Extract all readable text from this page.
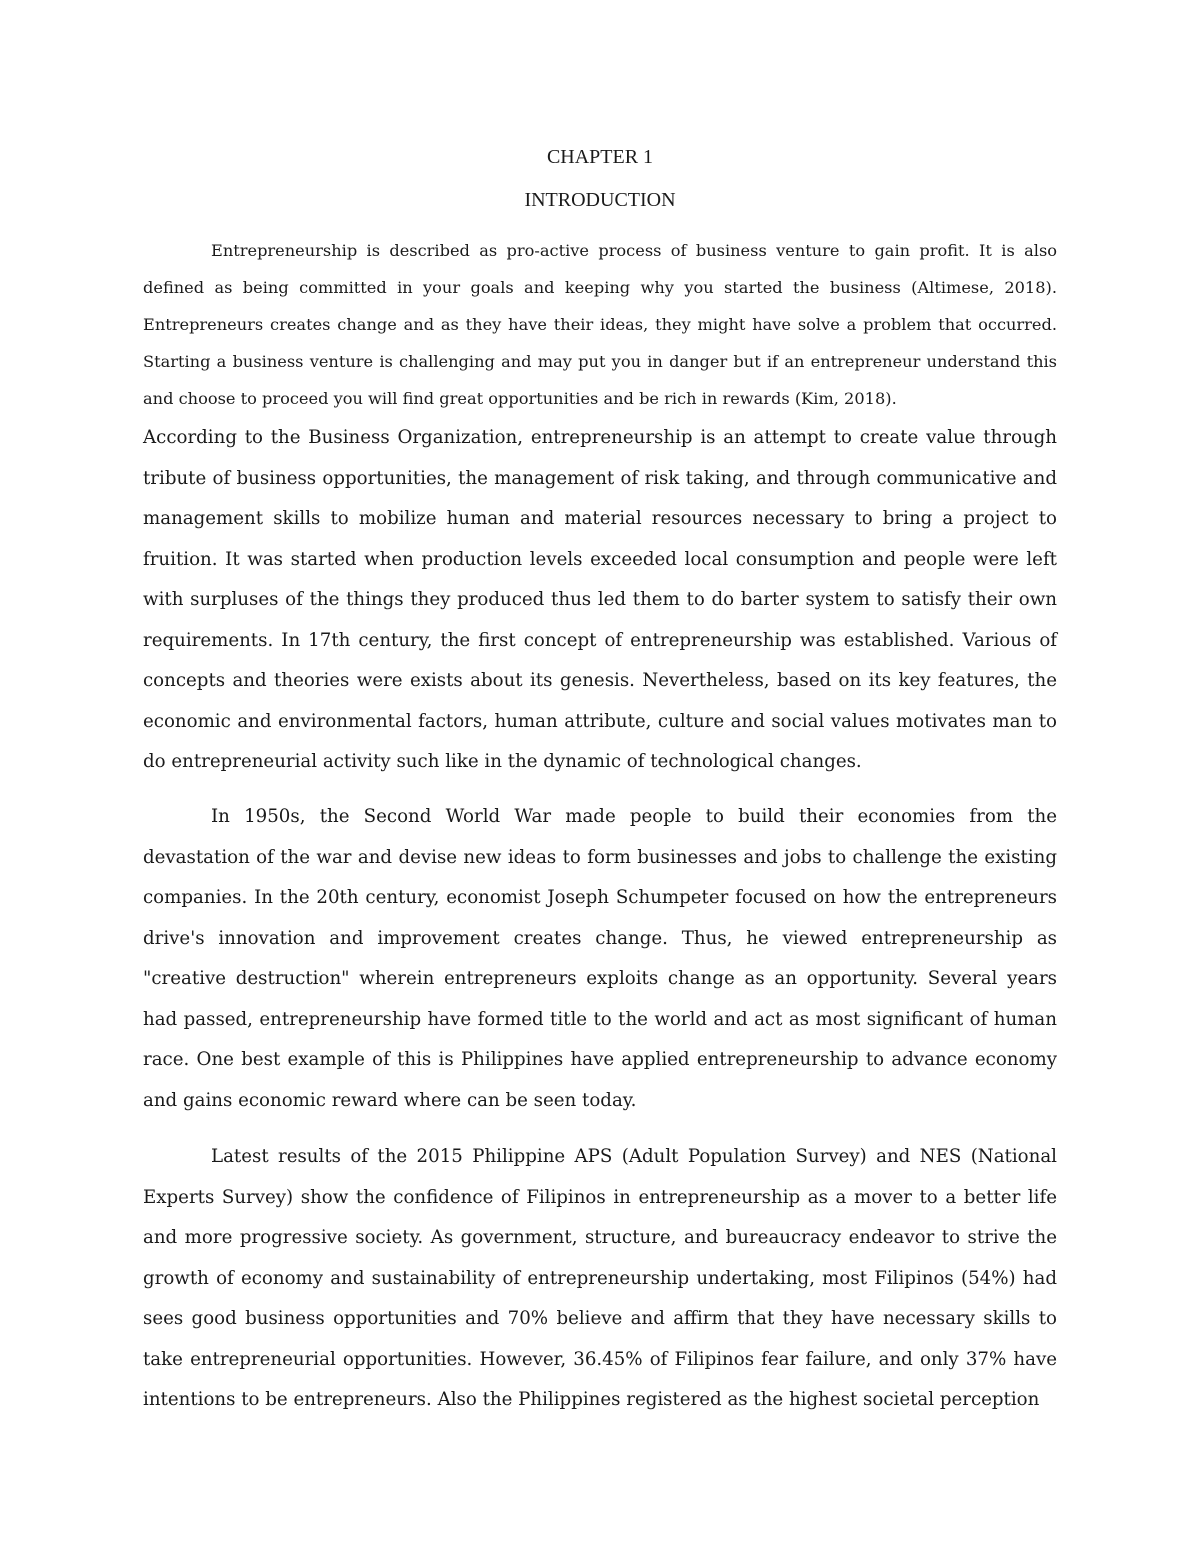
CHAPTER 1
INTRODUCTION

Entrepreneurship is described as pro-active process of business venture to gain profit. It is also defined as being committed in your goals and keeping why you started the business (Altimese, 2018). Entrepreneurs creates change and as they have their ideas, they might have solve a problem that occurred. Starting a business venture is challenging and may put you in danger but if an entrepreneur understand this and choose to proceed you will find great opportunities and be rich in rewards (Kim, 2018).

According to the Business Organization, entrepreneurship is an attempt to create value through tribute of business opportunities, the management of risk taking, and through communicative and management skills to mobilize human and material resources necessary to bring a project to fruition. It was started when production levels exceeded local consumption and people were left with surpluses of the things they produced thus led them to do barter system to satisfy their own requirements. In 17th century, the first concept of entrepreneurship was established. Various of concepts and theories were exists about its genesis. Nevertheless, based on its key features, the economic and environmental factors, human attribute, culture and social values motivates man to do entrepreneurial activity such like in the dynamic of technological changes.

In 1950s, the Second World War made people to build their economies from the devastation of the war and devise new ideas to form businesses and jobs to challenge the existing companies. In the 20th century, economist Joseph Schumpeter focused on how the entrepreneurs drive's innovation and improvement creates change. Thus, he viewed entrepreneurship as "creative destruction" wherein entrepreneurs exploits change as an opportunity. Several years had passed, entrepreneurship have formed title to the world and act as most significant of human race. One best example of this is Philippines have applied entrepreneurship to advance economy and gains economic reward where can be seen today.

Latest results of the 2015 Philippine APS (Adult Population Survey) and NES (National Experts Survey) show the confidence of Filipinos in entrepreneurship as a mover to a better life and more progressive society. As government, structure, and bureaucracy endeavor to strive the growth of economy and sustainability of entrepreneurship undertaking, most Filipinos (54%) had sees good business opportunities and 70% believe and affirm that they have necessary skills to take entrepreneurial opportunities. However, 36.45% of Filipinos fear failure, and only 37% have intentions to be entrepreneurs. Also the Philippines registered as the highest societal perception
